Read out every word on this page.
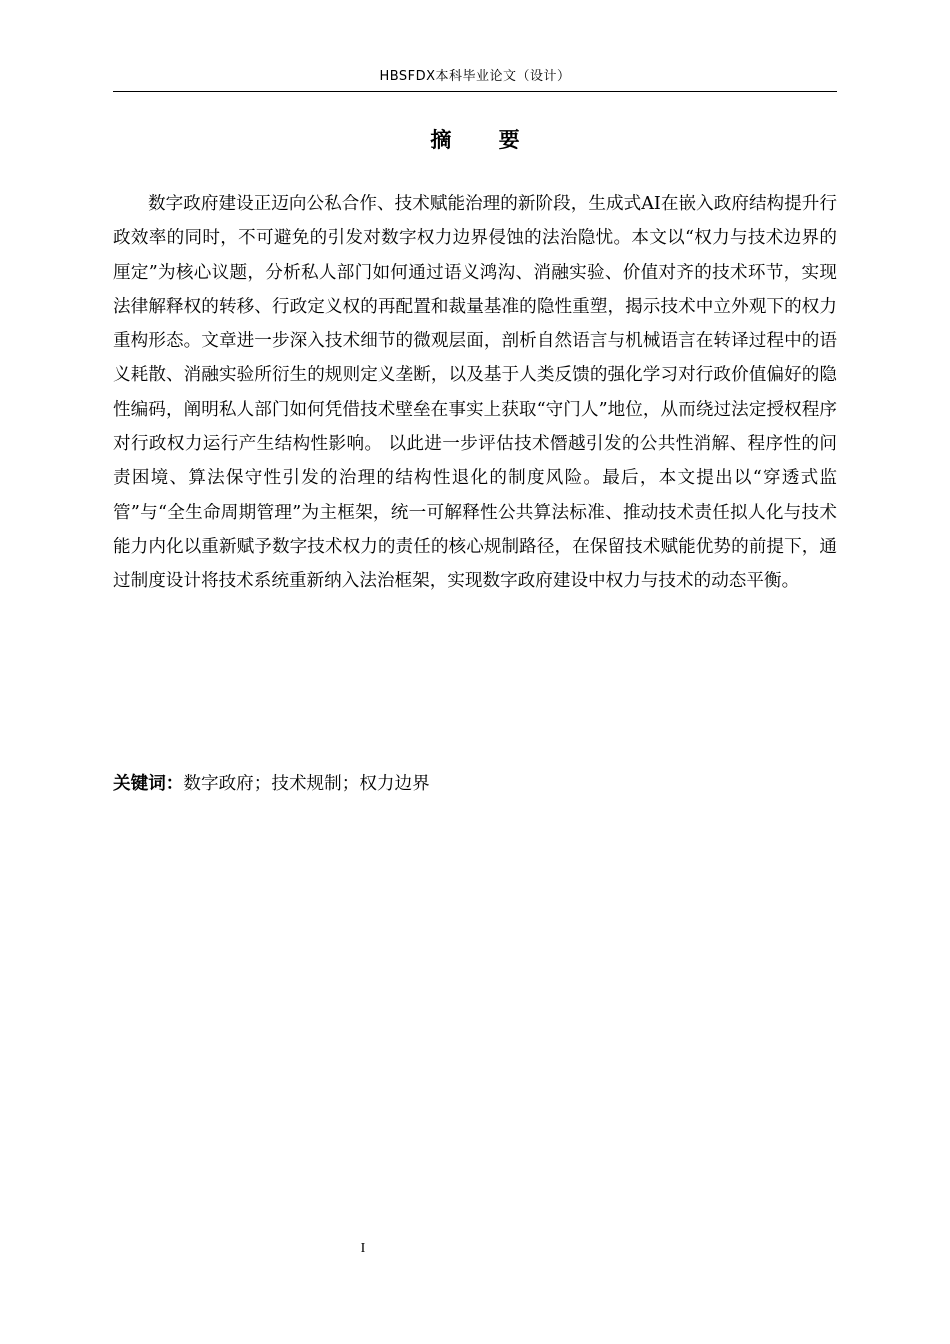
HBSFDX本科毕业论文（设计）
摘 要

数字政府建设正迈向公私合作、技术赋能治理的新阶段，生成式AI在嵌入政府结构提升行政效率的同时，不可避免的引发对数字权力边界侵蚀的法治隐忧。本文以“权力与技术边界的厘定”为核心议题，分析私人部门如何通过语义鸿沟、消融实验、价值对齐的技术环节，实现法律解释权的转移、行政定义权的再配置和裁量基准的隐性重塑，揭示技术中立外观下的权力重构形态。文章进一步深入技术细节的微观层面，剖析自然语言与机械语言在转译过程中的语义耗散、消融实验所衍生的规则定义垄断，以及基于人类反馈的强化学习对行政价值偏好的隐性编码，阐明私人部门如何凭借技术壁垒在事实上获取“守门人”地位，从而绕过法定授权程序对行政权力运行产生结构性影响。 以此进一步评估技术僭越引发的公共性消解、程序性的问责困境、算法保守性引发的治理的结构性退化的制度风险。最后，本文提出以“穿透式监管”与“全生命周期管理”为主框架，统一可解释性公共算法标准、推动技术责任拟人化与技术能力内化以重新赋予数字技术权力的责任的核心规制路径，在保留技术赋能优势的前提下，通过制度设计将技术系统重新纳入法治框架，实现数字政府建设中权力与技术的动态平衡。

关键词：数字政府；技术规制；权力边界
I
